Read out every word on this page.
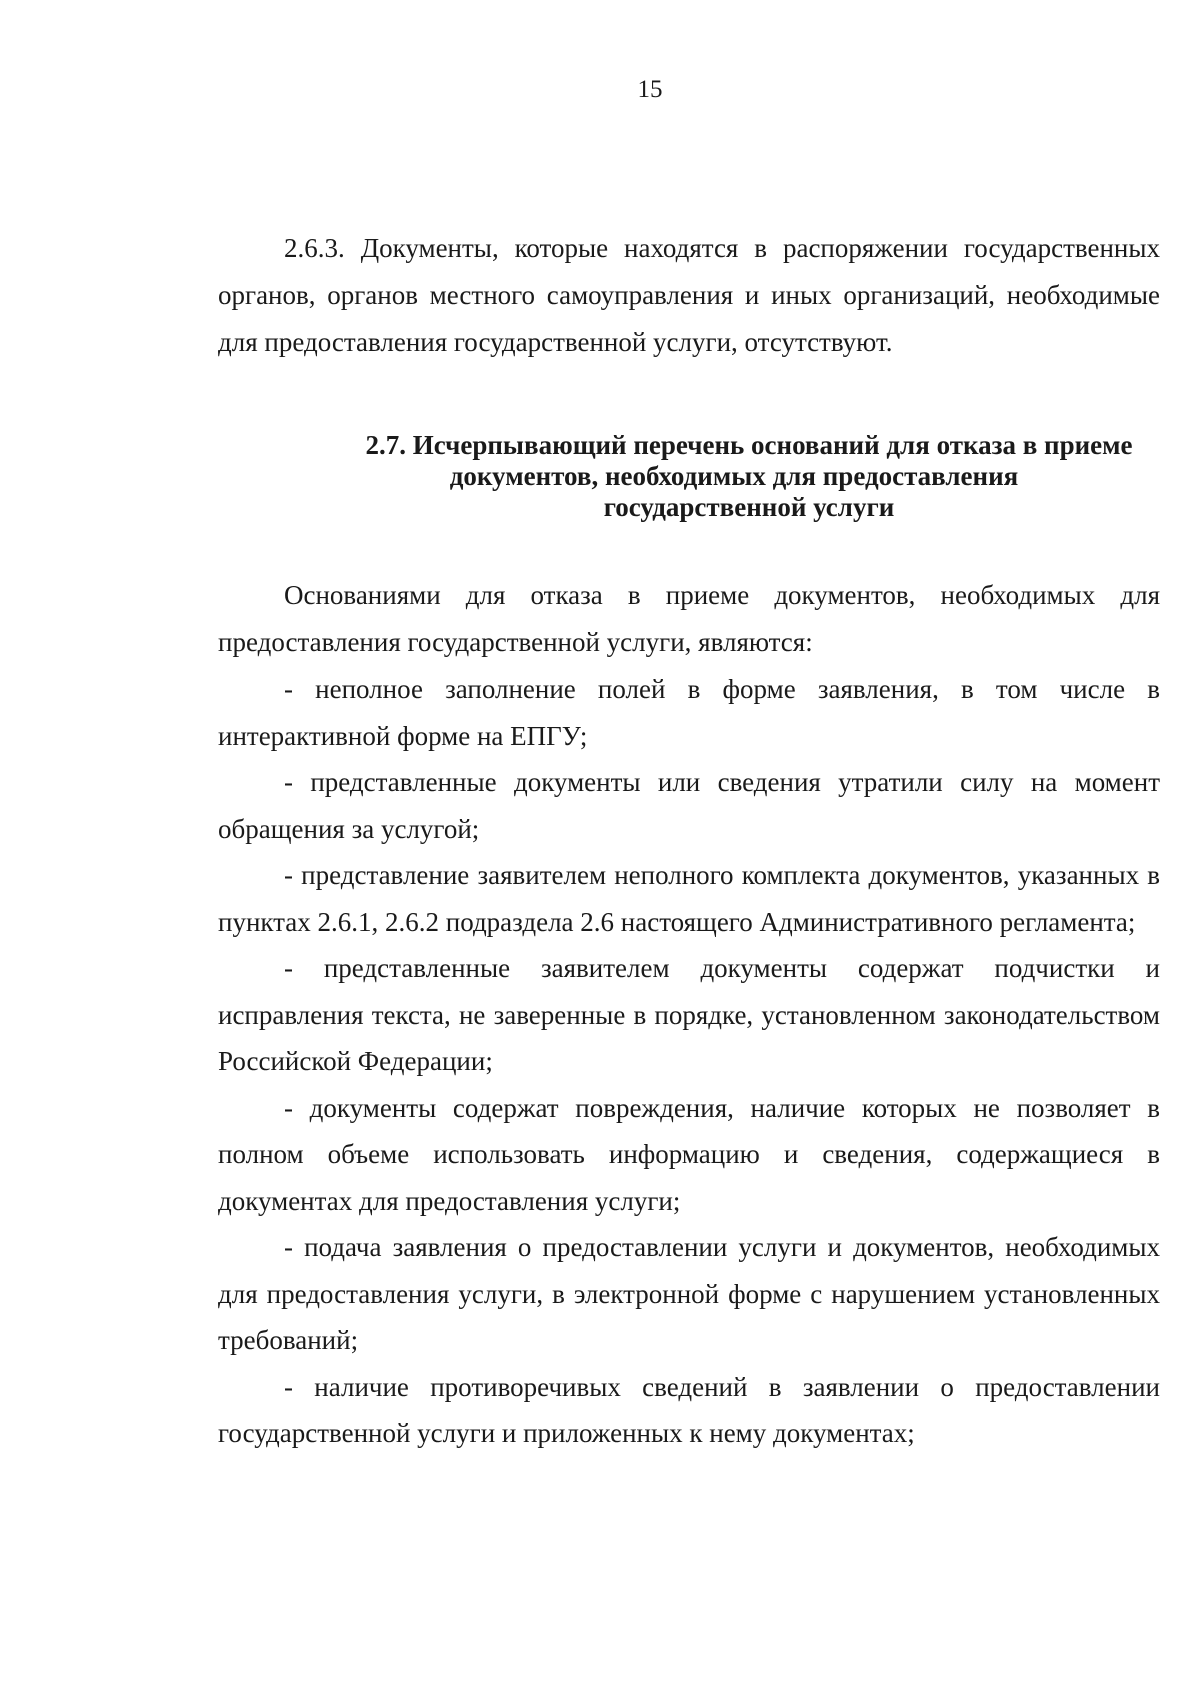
15

2.6.3. Документы, которые находятся в распоряжении государственных органов, органов местного самоуправления и иных организаций, необходимые для предоставления государственной услуги, отсутствуют.

2.7. Исчерпывающий перечень оснований для отказа в приеме
документов, необходимых для предоставления
государственной услуги

Основаниями для отказа в приеме документов, необходимых для предоставления государственной услуги, являются:

- неполное заполнение полей в форме заявления, в том числе в интерактивной форме на ЕПГУ;

- представленные документы или сведения утратили силу на момент обращения за услугой;

- представление заявителем неполного комплекта документов, указанных в пунктах 2.6.1, 2.6.2 подраздела 2.6 настоящего Административного регламента;

- представленные заявителем документы содержат подчистки и исправления текста, не заверенные в порядке, установленном законодательством Российской Федерации;

- документы содержат повреждения, наличие которых не позволяет в полном объеме использовать информацию и сведения, содержащиеся в документах для предоставления услуги;

- подача заявления о предоставлении услуги и документов, необходимых для предоставления услуги, в электронной форме с нарушением установленных требований;

- наличие противоречивых сведений в заявлении о предоставлении государственной услуги и приложенных к нему документах;
